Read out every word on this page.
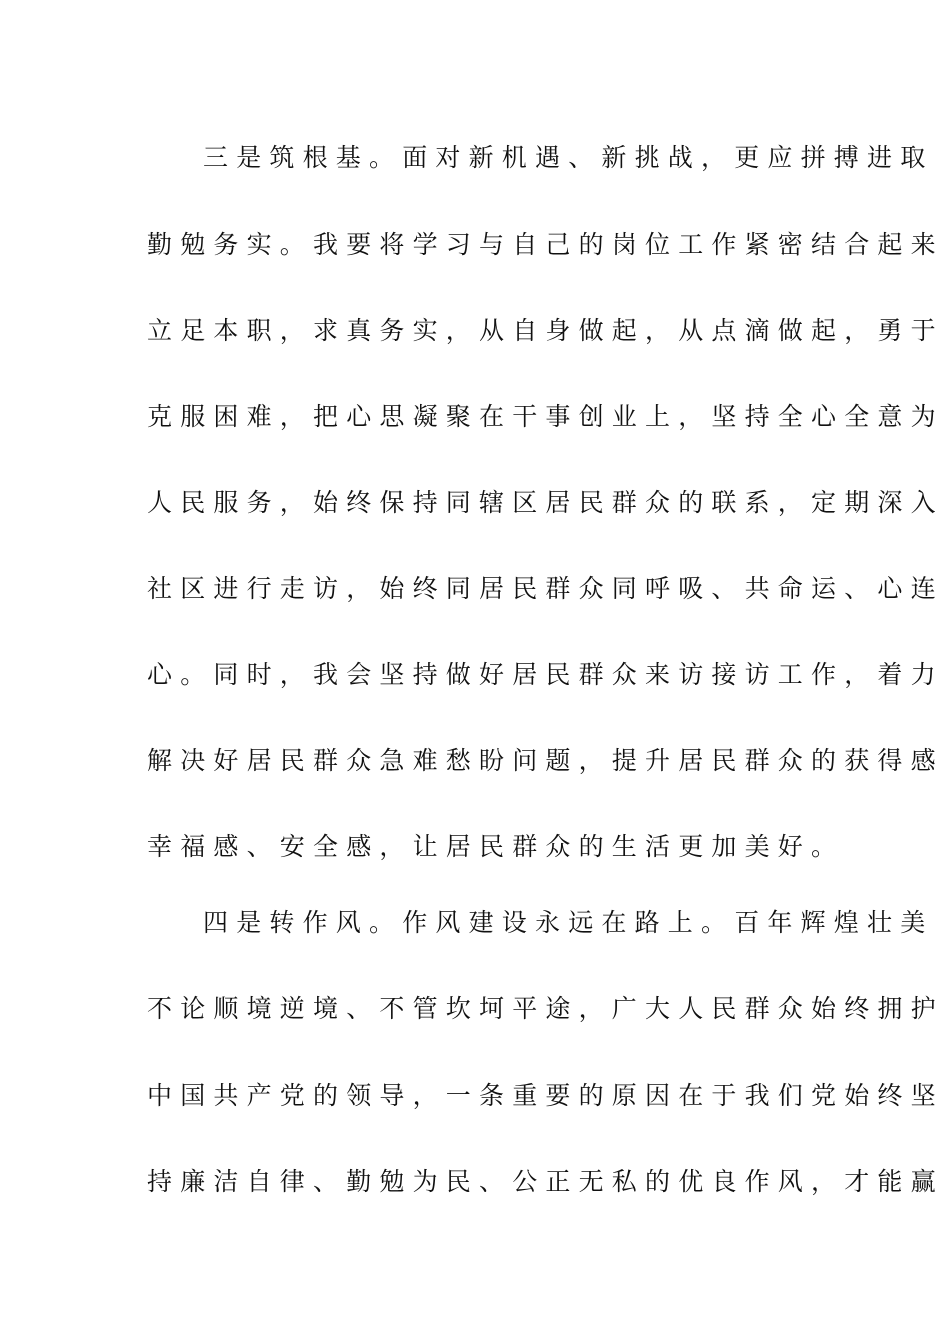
三是筑根基。面对新机遇、新挑战，更应拼搏进取
勤勉务实。我要将学习与自己的岗位工作紧密结合起来
立足本职，求真务实，从自身做起，从点滴做起，勇于
克服困难，把心思凝聚在干事创业上，坚持全心全意为
人民服务，始终保持同辖区居民群众的联系，定期深入
社区进行走访，始终同居民群众同呼吸、共命运、心连
心。同时，我会坚持做好居民群众来访接访工作，着力
解决好居民群众急难愁盼问题，提升居民群众的获得感
幸福感、安全感，让居民群众的生活更加美好。
四是转作风。作风建设永远在路上。百年辉煌壮美
不论顺境逆境、不管坎坷平途，广大人民群众始终拥护
中国共产党的领导，一条重要的原因在于我们党始终坚
持廉洁自律、勤勉为民、公正无私的优良作风，才能赢
